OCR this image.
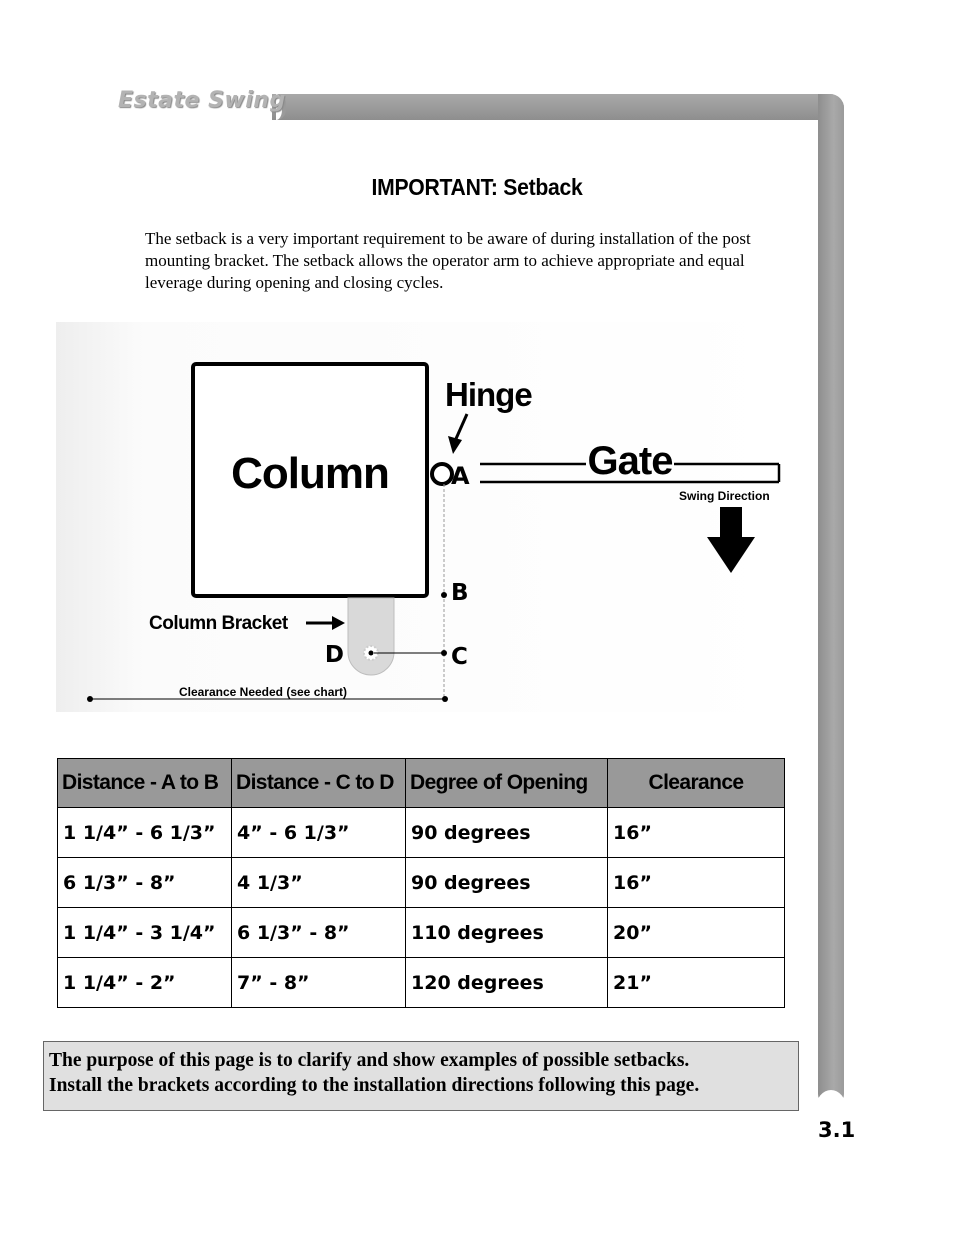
Estate Swing
IMPORTANT: Setback
The setback is a very important requirement to be aware of during installation of the post mounting bracket. The setback allows the operator arm to achieve appropriate and equal leverage during opening and closing cycles.
Column
D
Column Bracket
Hinge
A	Gate
Swing Direction
B
C
Clearance Needed (see chart)
Distance - A to B	Distance - C to D	Degree of Opening	Clearance
1 1/4” - 6 1/3”	4” - 6 1/3”	90 degrees	16”
6 1/3” - 8”	4 1/3”	90 degrees	16”
1 1/4” - 3 1/4”	6 1/3” - 8”	110 degrees	20”
1 1/4” - 2”	7” - 8”	120 degrees	21”
The purpose of this page is to clarify and show examples of possible setbacks.
Install the brackets according to the installation directions following this page.
3.1
